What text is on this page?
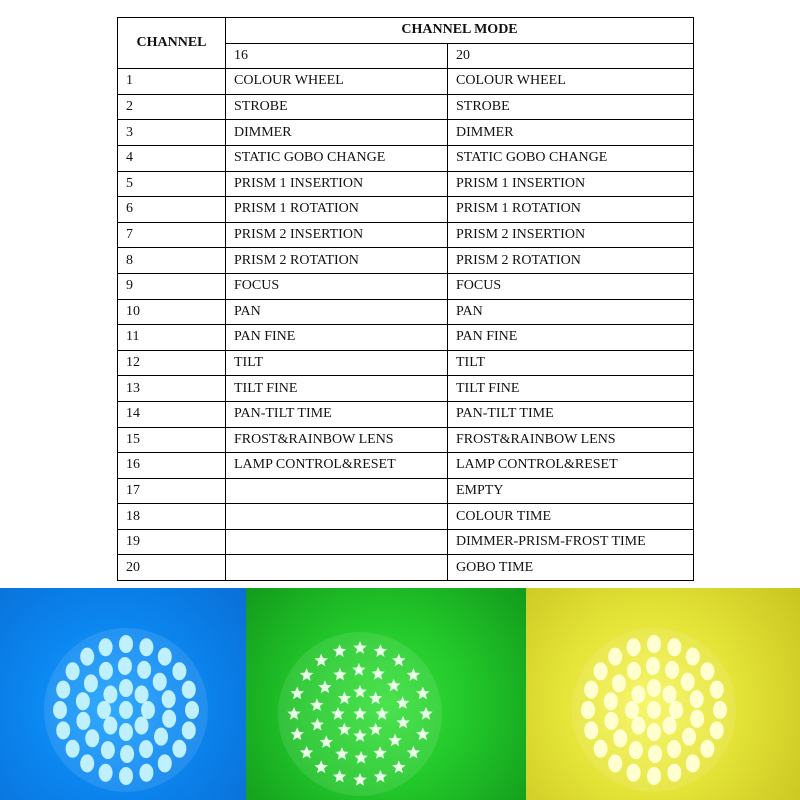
CHANNEL	CHANNEL MODE	
	16	20
1	COLOUR WHEEL	COLOUR WHEEL
2	STROBE	STROBE
3	DIMMER	DIMMER
4	STATIC GOBO CHANGE	STATIC GOBO CHANGE
5	PRISM 1 INSERTION	PRISM 1 INSERTION
6	PRISM 1 ROTATION	PRISM 1 ROTATION
7	PRISM 2 INSERTION	PRISM 2 INSERTION
8	PRISM 2 ROTATION	PRISM 2 ROTATION
9	FOCUS	FOCUS
10	PAN	PAN
11	PAN FINE	PAN FINE
12	TILT	TILT
13	TILT FINE	TILT FINE
14	PAN-TILT TIME	PAN-TILT TIME
15	FROST&RAINBOW LENS	FROST&RAINBOW LENS
16	LAMP CONTROL&RESET	LAMP CONTROL&RESET
17		EMPTY
18		COLOUR TIME
19		DIMMER-PRISM-FROST TIME
20		GOBO TIME
